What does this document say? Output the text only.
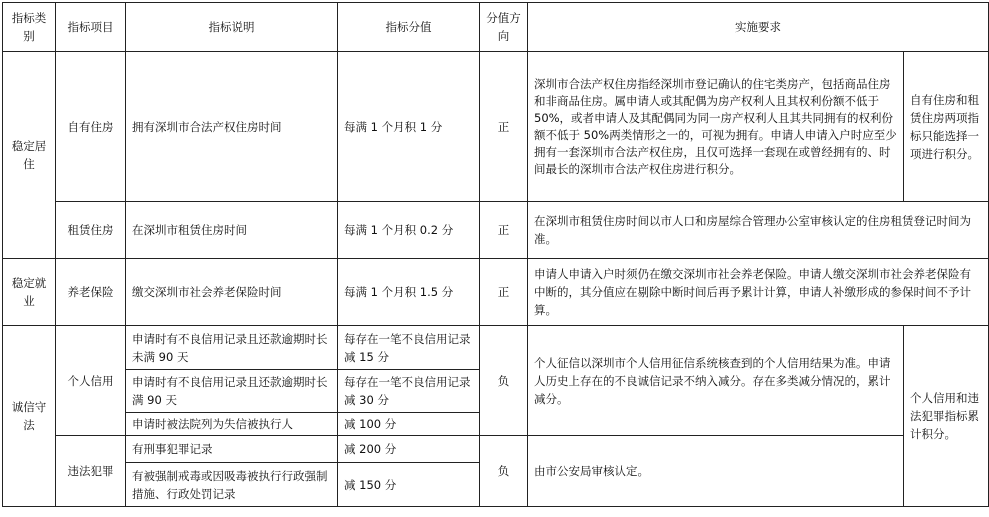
指标类别	指标项目	指标说明	指标分值	分值方向	实施要求	
稳定居住	自有住房	拥有深圳市合法产权住房时间	每满 1 个月积 1 分	正	深圳市合法产权住房指经深圳市登记确认的住宅类房产，包括商品住房和非商品住房。属申请人或其配偶为房产权利人且其权利份额不低于 50%，或者申请人及其配偶同为同一房产权利人且其共同拥有的权利份额不低于 50%两类情形之一的，可视为拥有。申请人申请入户时应至少拥有一套深圳市合法产权住房，且仅可选择一套现在或曾经拥有的、时间最长的深圳市合法产权住房进行积分。	自有住房和租赁住房两项指标只能选择一项进行积分。
	租赁住房	在深圳市租赁住房时间	每满 1 个月积 0.2 分	正	在深圳市租赁住房时间以市人口和房屋综合管理办公室审核认定的住房租赁登记时间为准。	
稳定就业	养老保险	缴交深圳市社会养老保险时间	每满 1 个月积 1.5 分	正	申请人申请入户时须仍在缴交深圳市社会养老保险。申请人缴交深圳市社会养老保险有中断的，其分值应在剔除中断时间后再予累计计算，申请人补缴形成的参保时间不予计算。	
诚信守法	个人信用	申请时有不良信用记录且还款逾期时长未满 90 天	每存在一笔不良信用记录减 15 分	负	个人征信以深圳市个人信用征信系统核查到的个人信用结果为准。申请人历史上存在的不良诚信记录不纳入减分。存在多类减分情况的，累计减分。	个人信用和违法犯罪指标累计积分。
		申请时有不良信用记录且还款逾期时长满 90 天	每存在一笔不良信用记录减 30 分			
		申请时被法院列为失信被执行人	减 100 分			
	违法犯罪	有刑事犯罪记录	减 200 分	负	由市公安局审核认定。	
		有被强制戒毒或因吸毒被执行行政强制措施、行政处罚记录	减 150 分			
